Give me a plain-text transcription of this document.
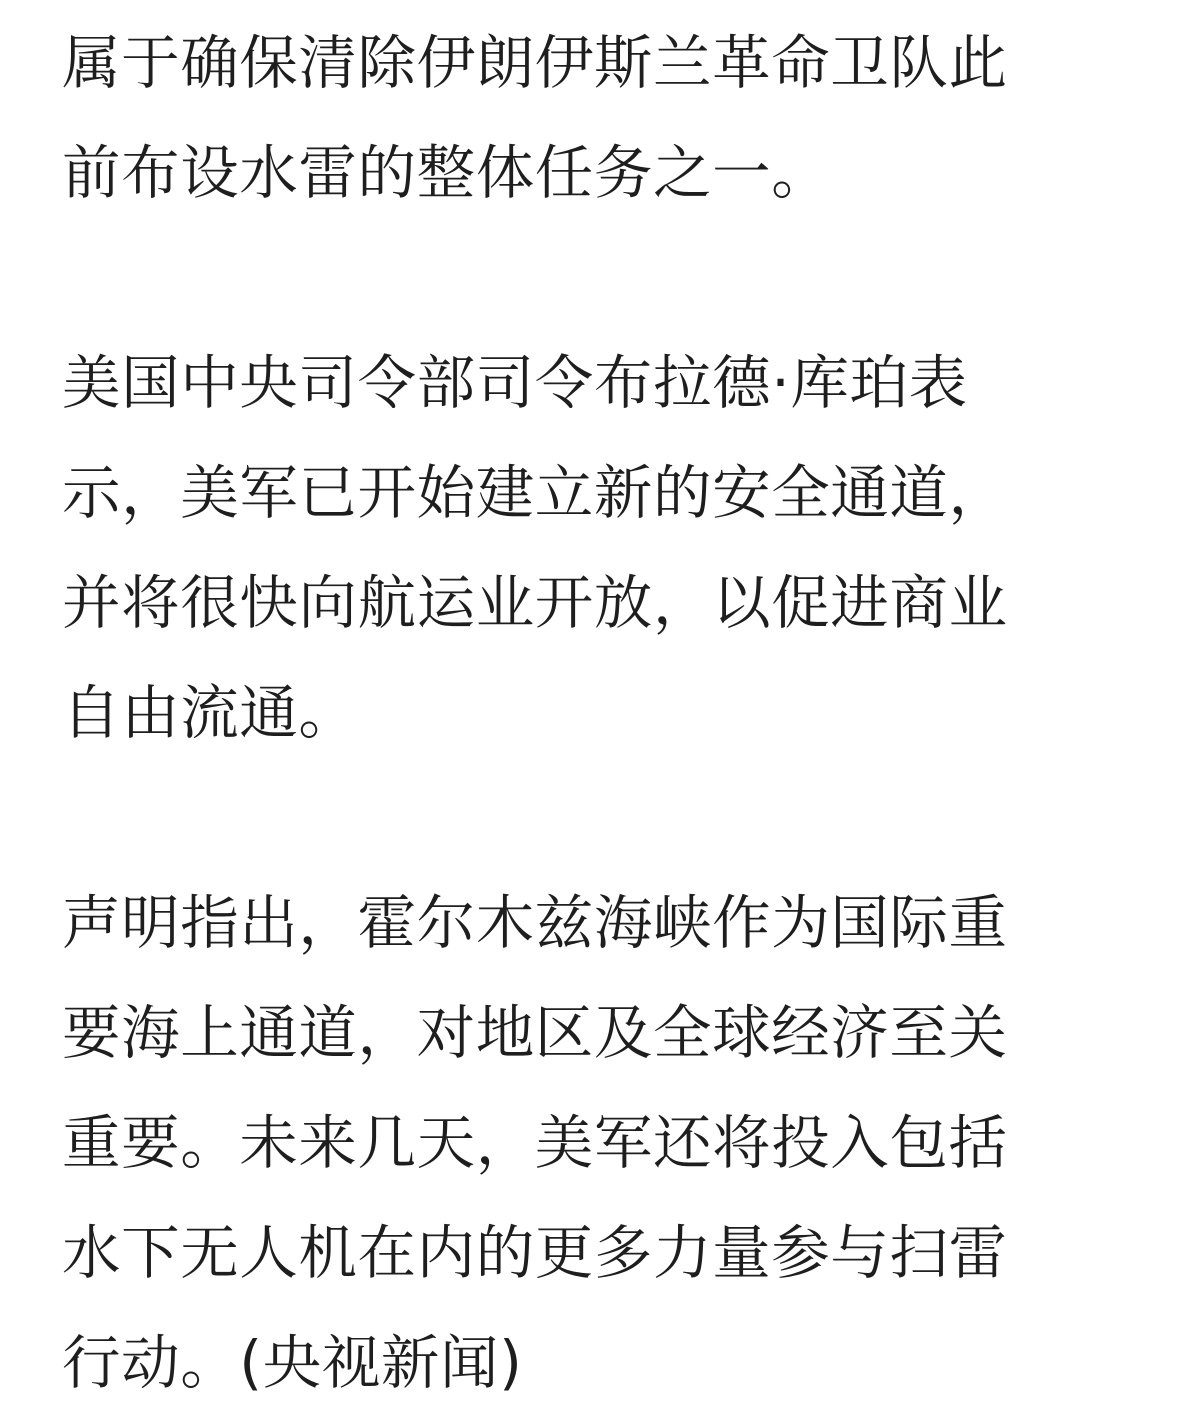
属于确保清除伊朗伊斯兰革命卫队此
前布设水雷的整体任务之一。

美国中央司令部司令布拉德·库珀表
示，美军已开始建立新的安全通道，
并将很快向航运业开放，以促进商业
自由流通。

声明指出，霍尔木兹海峡作为国际重
要海上通道，对地区及全球经济至关
重要。未来几天，美军还将投入包括
水下无人机在内的更多力量参与扫雷
行动。(央视新闻)
